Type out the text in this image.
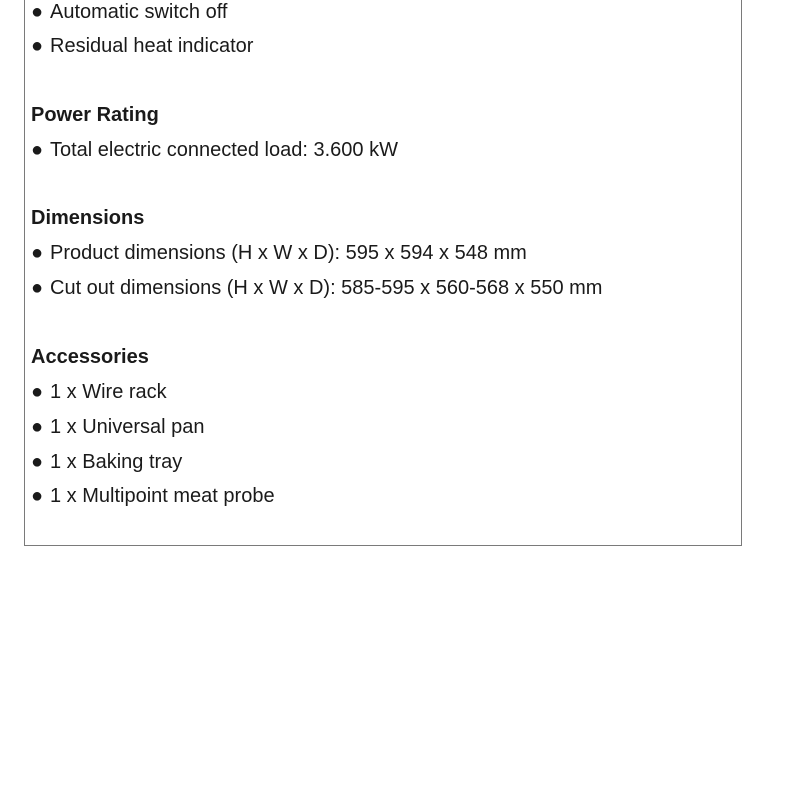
● Automatic switch off
● Residual heat indicator
Power Rating
● Total electric connected load: 3.600 kW
Dimensions
● Product dimensions (H x W x D): 595 x 594 x 548 mm
● Cut out dimensions (H x W x D): 585-595 x 560-568 x 550 mm
Accessories
● 1 x Wire rack
● 1 x Universal pan
● 1 x Baking tray
● 1 x Multipoint meat probe
